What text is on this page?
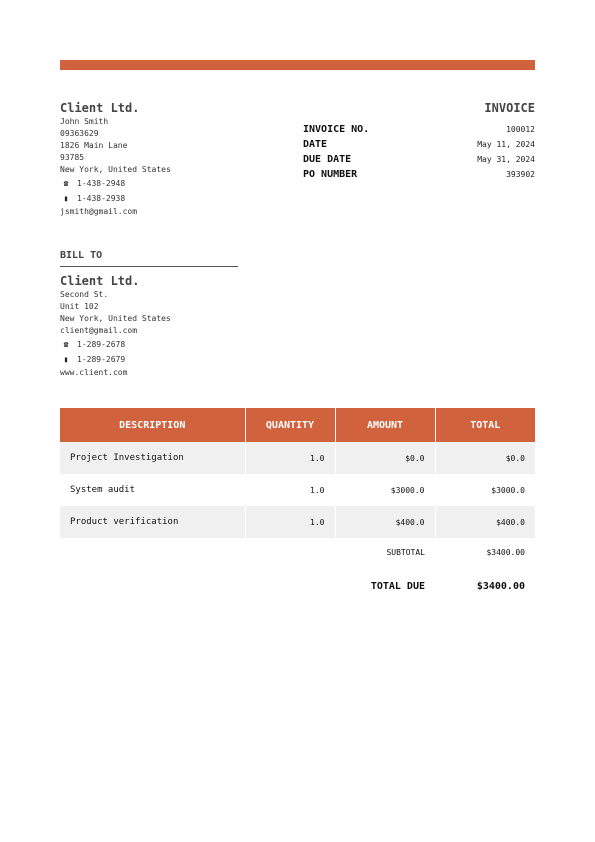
Client Ltd.
John Smith
09363629
1826 Main Lane
93785
New York, United States
☎	1-438-2948
▮	1-438-2938
jsmith@gmail.com
INVOICE
INVOICE NO.	100012
DATE	May 11, 2024
DUE DATE	May 31, 2024
PO NUMBER	393902
BILL TO
Client Ltd.
Second St.
Unit 102
New York, United States
client@gmail.com
☎	1-289-2678
▮	1-289-2679
www.client.com
DESCRIPTION	QUANTITY	AMOUNT	TOTAL
Project Investigation	1.0	$0.0	$0.0
System audit	1.0	$3000.0	$3000.0
Product verification	1.0	$400.0	$400.0
SUBTOTAL	$3400.00
TOTAL DUE	$3400.00
